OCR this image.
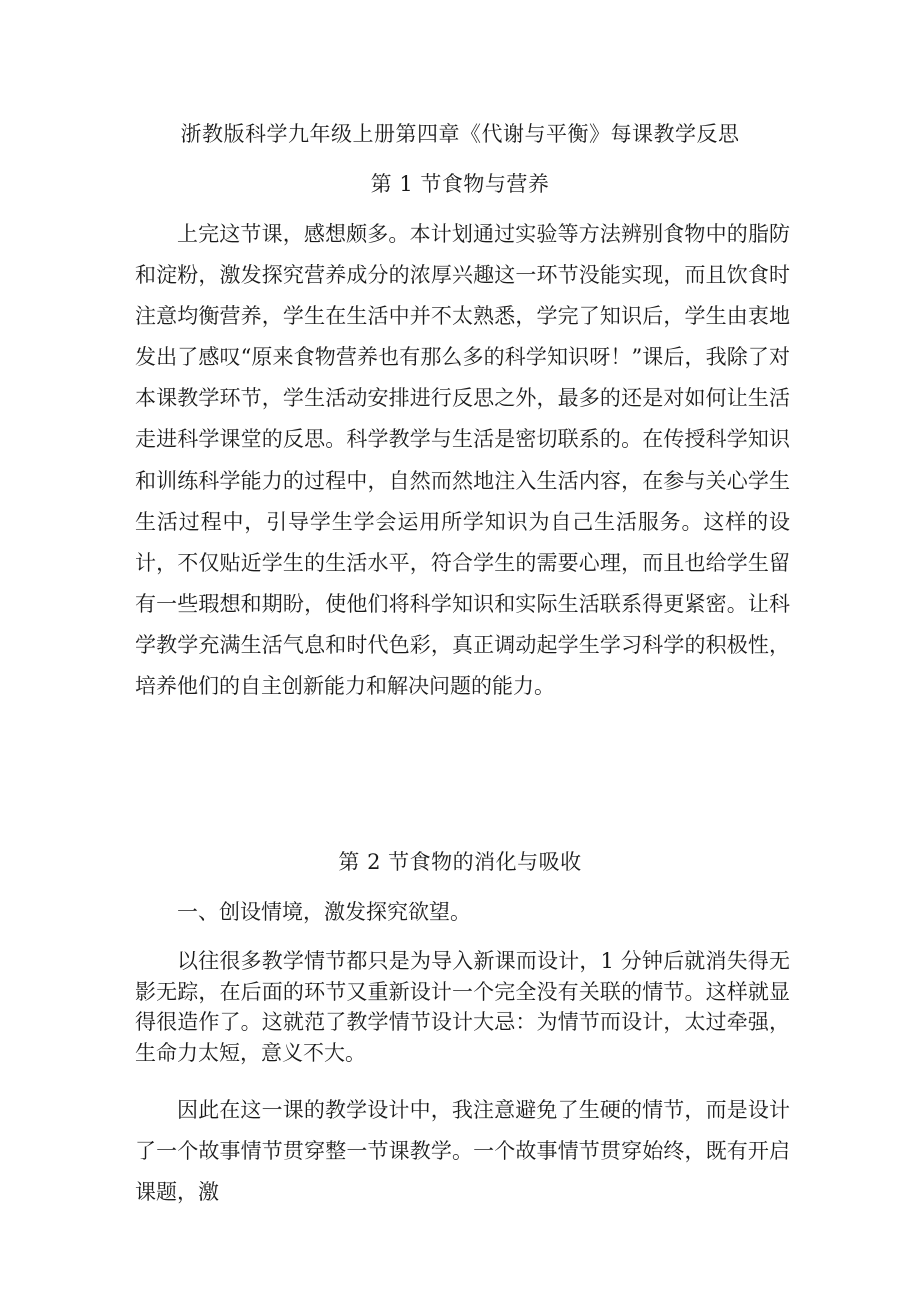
浙教版科学九年级上册第四章《代谢与平衡》每课教学反思
第 1 节食物与营养
上完这节课，感想颇多。本计划通过实验等方法辨别食物中的脂防和淀粉，激发探究营养成分的浓厚兴趣这一环节没能实现，而且饮食时注意均衡营养，学生在生活中并不太熟悉，学完了知识后，学生由衷地发出了感叹“原来食物营养也有那么多的科学知识呀！”课后，我除了对本课教学环节，学生活动安排进行反思之外，最多的还是对如何让生活走进科学课堂的反思。科学教学与生活是密切联系的。在传授科学知识和训练科学能力的过程中，自然而然地注入生活内容，在参与关心学生生活过程中，引导学生学会运用所学知识为自己生活服务。这样的设计，不仅贴近学生的生活水平，符合学生的需要心理，而且也给学生留有一些瑕想和期盼，使他们将科学知识和实际生活联系得更紧密。让科学教学充满生活气息和时代色彩，真正调动起学生学习科学的积极性，培养他们的自主创新能力和解决问题的能力。
第 2 节食物的消化与吸收
一、创设情境，激发探究欲望。
以往很多教学情节都只是为导入新课而设计，1 分钟后就消失得无影无踪，在后面的环节又重新设计一个完全没有关联的情节。这样就显得很造作了。这就范了教学情节设计大忌：为情节而设计，太过牵强，生命力太短，意义不大。
因此在这一课的教学设计中，我注意避免了生硬的情节，而是设计了一个故事情节贯穿整一节课教学。一个故事情节贯穿始终，既有开启课题，激
